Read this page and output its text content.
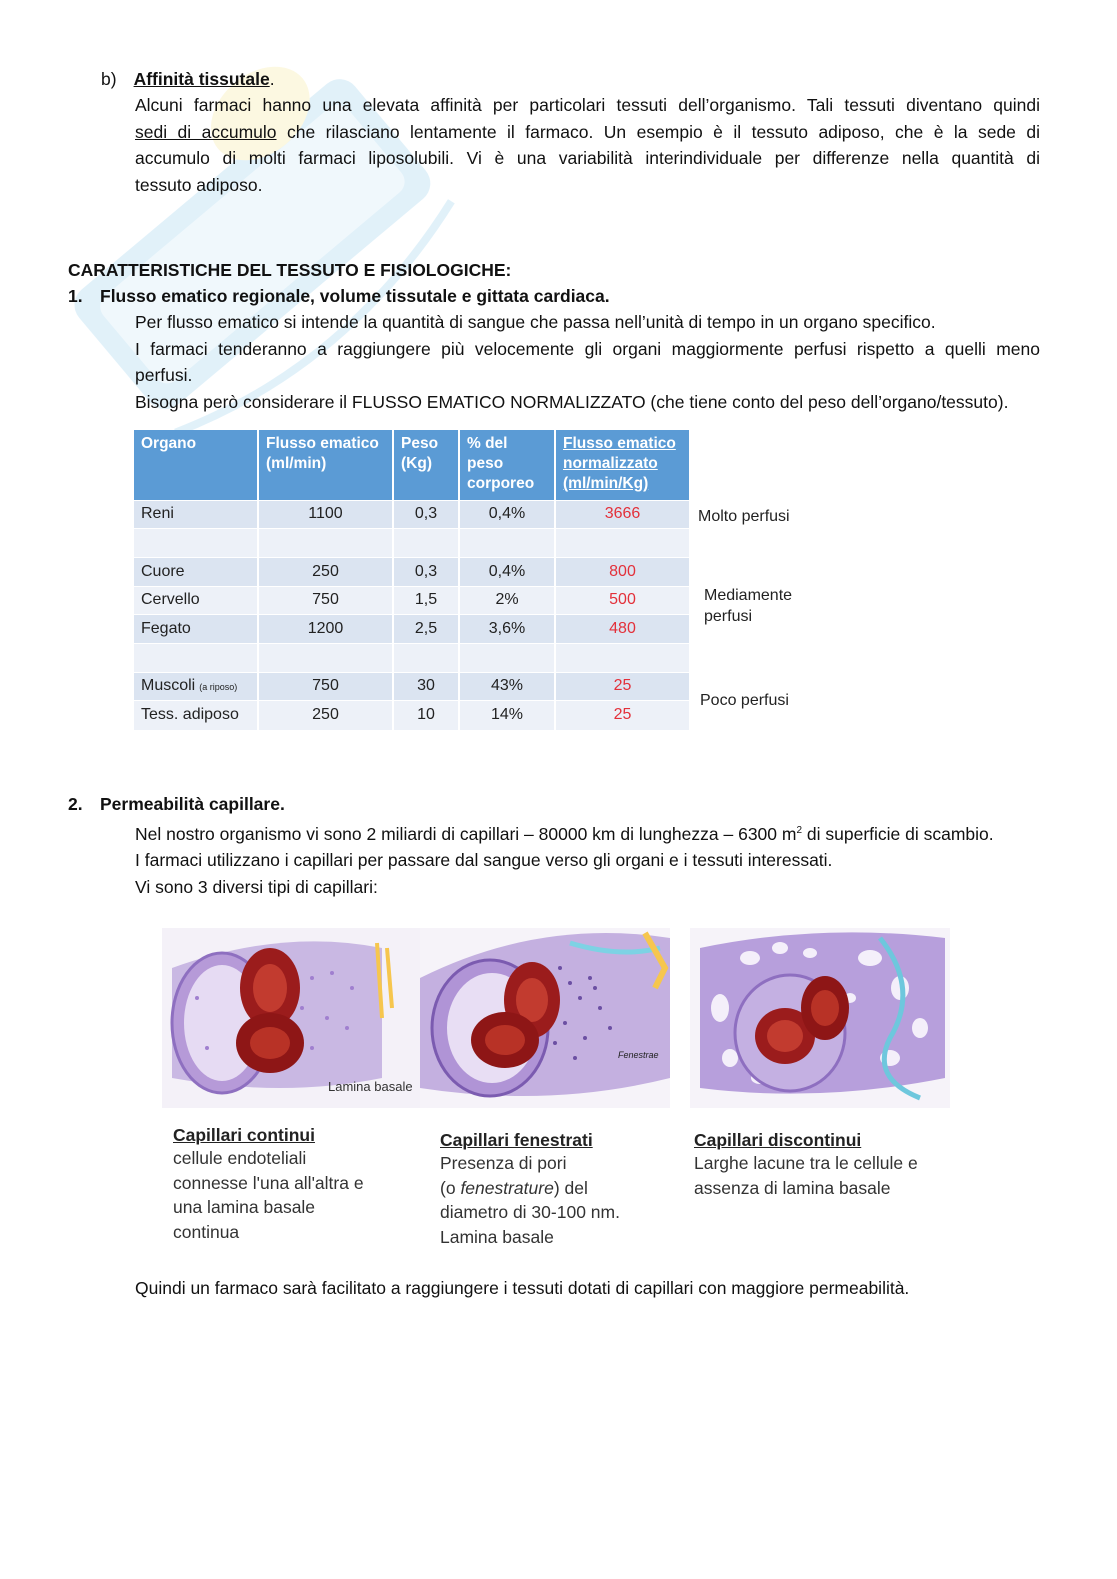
b) Affinità tissutale.
Alcuni farmaci hanno una elevata affinità per particolari tessuti dell’organismo. Tali tessuti diventano quindi
sedi di accumulo che rilasciano lentamente il farmaco. Un esempio è il tessuto adiposo, che è la sede di
accumulo di molti farmaci liposolubili. Vi è una variabilità interindividuale per differenze nella quantità di
tessuto adiposo.
CARATTERISTICHE DEL TESSUTO E FISIOLOGICHE:
1. Flusso ematico regionale, volume tissutale e gittata cardiaca.
Per flusso ematico si intende la quantità di sangue che passa nell’unità di tempo in un organo specifico.
I farmaci tenderanno a raggiungere più velocemente gli organi maggiormente perfusi rispetto a quelli meno
perfusi.
Bisogna però considerare il FLUSSO EMATICO NORMALIZZATO (che tiene conto del peso dell’organo/tessuto).
Organo	Flusso ematico (ml/min)	Peso (Kg)	% del peso corporeo	Flusso ematico normalizzato (ml/min/Kg)
Reni	1100	0,3	0,4%	3666

Cuore	250	0,3	0,4%	800
Cervello	750	1,5	2%	500
Fegato	1200	2,5	3,6%	480

Muscoli (a riposo)	750	30	43%	25
Tess. adiposo	250	10	14%	25
Molto perfusi
Mediamente
perfusi
Poco perfusi
2. Permeabilità capillare.
Nel nostro organismo vi sono 2 miliardi di capillari – 80000 km di lunghezza – 6300 $m^2$ di superficie di scambio.
I farmaci utilizzano i capillari per passare dal sangue verso gli organi e i tessuti interessati.
Vi sono 3 diversi tipi di capillari:
Lamina basale
Fenestrae
Capillari continui
cellule endoteliali
connesse l'una all'altra e
una lamina basale
continua
Capillari fenestrati
Presenza di pori
(o fenestrature) del
diametro di 30-100 nm.
Lamina basale
Capillari discontinui
Larghe lacune tra le cellule e
assenza di lamina basale
Quindi un farmaco sarà facilitato a raggiungere i tessuti dotati di capillari con maggiore permeabilità.
